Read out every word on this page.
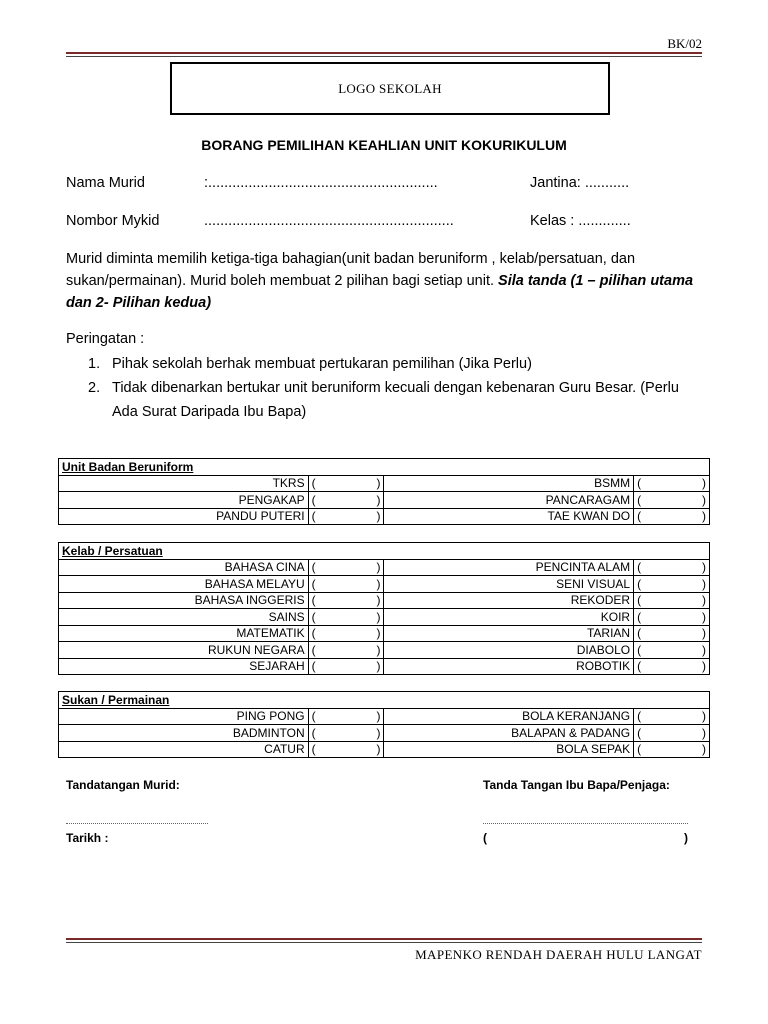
BK/02
LOGO SEKOLAH
BORANG PEMILIHAN KEAHLIAN UNIT KOKURIKULUM
Nama Murid	:.........................................................	Jantina: ...........
Nombor Mykid	..............................................................	Kelas : .............
Murid diminta memilih ketiga-tiga bahagian(unit badan beruniform , kelab/persatuan, dan sukan/permainan). Murid boleh membuat 2 pilihan bagi setiap unit. Sila tanda (1 – pilihan utama dan 2- Pilihan kedua)
Peringatan :
1. Pihak sekolah berhak membuat pertukaran pemilihan (Jika Perlu)
2. Tidak dibenarkan bertukar unit beruniform kecuali dengan kebenaran Guru Besar. (Perlu Ada Surat Daripada Ibu Bapa)
Unit Badan Beruniform			
TKRS	( )	BSMM	( )

PENGAKAP	( )	PANCARAGAM	( )

PANDU PUTERI	( )	TAE KWAN DO	( )
Kelab / Persatuan			
BAHASA CINA	( )	PENCINTA ALAM	( )

BAHASA MELAYU	( )	SENI VISUAL	( )

BAHASA INGGERIS	( )	REKODER	( )

SAINS	( )	KOIR	( )

MATEMATIK	( )	TARIAN	( )

RUKUN NEGARA	( )	DIABOLO	( )

SEJARAH	( )	ROBOTIK	( )
Sukan / Permainan			
PING PONG	( )	BOLA KERANJANG	( )

BADMINTON	( )	BALAPAN & PADANG	( )

CATUR	( )	BOLA SEPAK	( )
Tandatangan Murid:	Tanda Tangan Ibu Bapa/Penjaga:
Tarikh :	(	)
MAPENKO RENDAH DAERAH HULU LANGAT
